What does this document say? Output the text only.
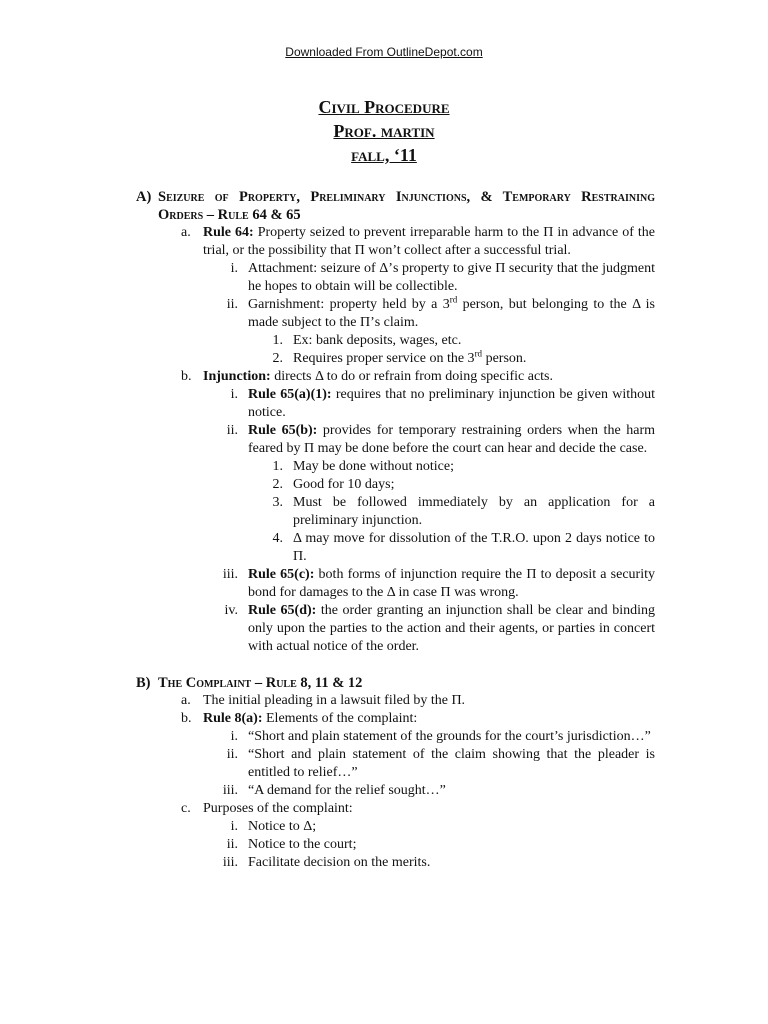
Downloaded From OutlineDepot.com
Civil Procedure
Prof. martin
fall, ‘11
A) Seizure of Property, Preliminary Injunctions, & Temporary Restraining Orders – Rule 64 & 65
a. Rule 64: Property seized to prevent irreparable harm to the Π in advance of the trial, or the possibility that Π won’t collect after a successful trial.
i. Attachment: seizure of Δ’s property to give Π security that the judgment he hopes to obtain will be collectible.
ii. Garnishment: property held by a 3rd person, but belonging to the Δ is made subject to the Π’s claim.
1. Ex: bank deposits, wages, etc.
2. Requires proper service on the 3rd person.
b. Injunction: directs Δ to do or refrain from doing specific acts.
i. Rule 65(a)(1): requires that no preliminary injunction be given without notice.
ii. Rule 65(b): provides for temporary restraining orders when the harm feared by Π may be done before the court can hear and decide the case.
1. May be done without notice;
2. Good for 10 days;
3. Must be followed immediately by an application for a preliminary injunction.
4. Δ may move for dissolution of the T.R.O. upon 2 days notice to Π.
iii. Rule 65(c): both forms of injunction require the Π to deposit a security bond for damages to the Δ in case Π was wrong.
iv. Rule 65(d): the order granting an injunction shall be clear and binding only upon the parties to the action and their agents, or parties in concert with actual notice of the order.
B) The Complaint – Rule 8, 11 & 12
a. The initial pleading in a lawsuit filed by the Π.
b. Rule 8(a): Elements of the complaint:
i. “Short and plain statement of the grounds for the court’s jurisdiction…”
ii. “Short and plain statement of the claim showing that the pleader is entitled to relief…”
iii. “A demand for the relief sought…”
c. Purposes of the complaint:
i. Notice to Δ;
ii. Notice to the court;
iii. Facilitate decision on the merits.
